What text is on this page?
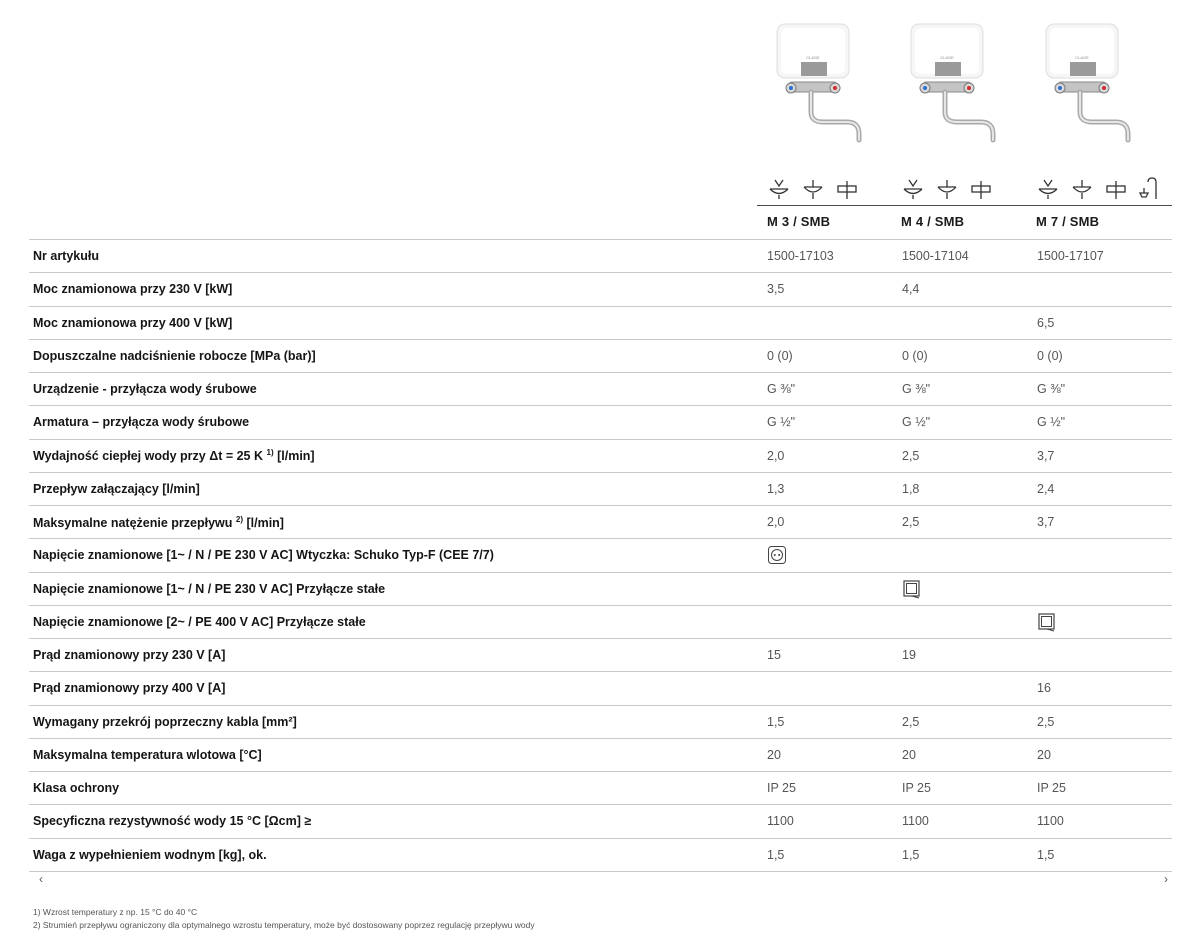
CLAGE
M 3 / SMB
CLAGE
M 4 / SMB
CLAGE
M 7 / SMB
Nr artykułu	1500-17103	1500-17104	1500-17107
Moc znamionowa przy 230 V [kW]	3,5	4,4	
Moc znamionowa przy 400 V [kW]			6,5
Dopuszczalne nadciśnienie robocze [MPa (bar)]	0 (0)	0 (0)	0 (0)
Urządzenie - przyłącza wody śrubowe	G ⅜"	G ⅜"	G ⅜"
Armatura – przyłącza wody śrubowe	G ½"	G ½"	G ½"
Wydajność ciepłej wody przy Δt = 25 K $^{1)}$ [l/min]	2,0	2,5	3,7
Przepływ załączający [l/min]	1,3	1,8	2,4
Maksymalne natężenie przepływu $^{2)}$ [l/min]	2,0	2,5	3,7
Napięcie znamionowe [1~ / N / PE 230 V AC] Wtyczka: Schuko Typ-F (CEE 7/7)			
Napięcie znamionowe [1~ / N / PE 230 V AC] Przyłącze stałe			
Napięcie znamionowe [2~ / PE 400 V AC] Przyłącze stałe			
Prąd znamionowy przy 230 V [A]	15	19	
Prąd znamionowy przy 400 V [A]			16
Wymagany przekrój poprzeczny kabla [mm²]	1,5	2,5	2,5
Maksymalna temperatura wlotowa [°C]	20	20	20
Klasa ochrony	IP 25	IP 25	IP 25
Specyficzna rezystywność wody 15 °C [Ωcm] ≥	1100	1100	1100
Waga z wypełnieniem wodnym [kg], ok.	1,5	1,5	1,5
‹	›
1) Wzrost temperatury z np. 15 °C do 40 °C
2) Strumień przepływu ograniczony dla optymalnego wzrostu temperatury, może być dostosowany poprzez regulację przepływu wody
